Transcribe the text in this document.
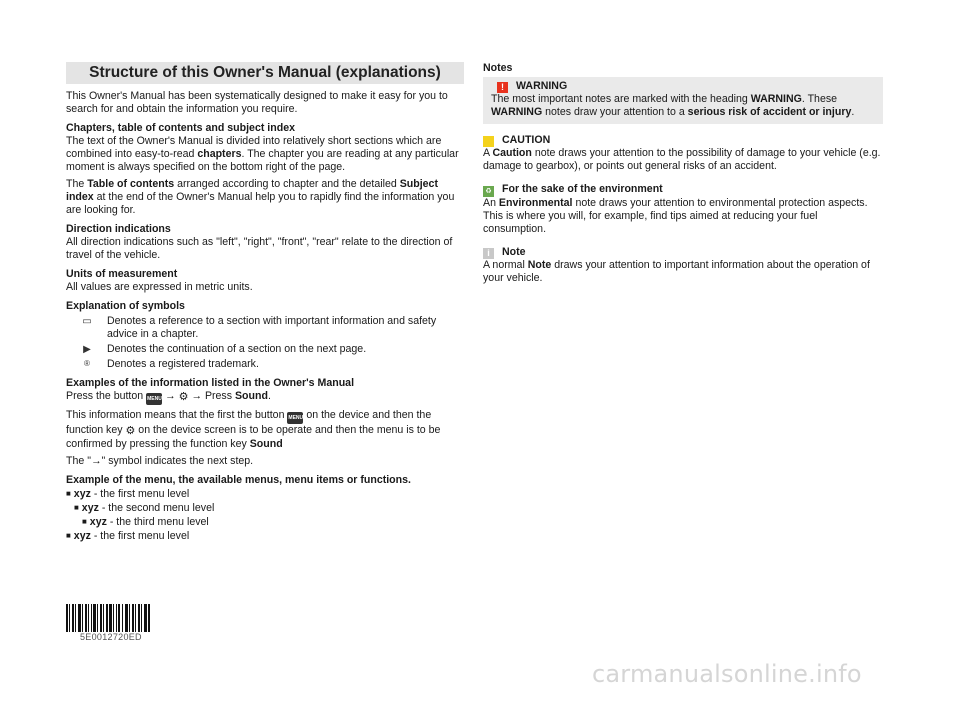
Structure of this Owner's Manual (explanations)

This Owner's Manual has been systematically designed to make it easy for you to search for and obtain the information you require.

Chapters, table of contents and subject index

The text of the Owner's Manual is divided into relatively short sections which are combined into easy-to-read chapters. The chapter you are reading at any particular moment is always specified on the bottom right of the page.

The Table of contents arranged according to chapter and the detailed Subject index at the end of the Owner's Manual help you to rapidly find the information you are looking for.

Direction indications

All direction indications such as "left", "right", "front", "rear" relate to the direction of travel of the vehicle.

Units of measurement

All values are expressed in metric units.

Explanation of symbols

▭ Denotes a reference to a section with important information and safety advice in a chapter.
▶ Denotes the continuation of a section on the next page.
®	Denotes a registered trademark.

Examples of the information listed in the Owner's Manual

Press the button MENU → ⚙ → Press Sound.

This information means that the first the button MENU on the device and then the function key ⚙ on the device screen is to be operate and then the menu is to be confirmed by pressing the function key Sound

The "→" symbol indicates the next step.

Example of the menu, the available menus, menu items or functions.

■ xyz - the first menu level
■ xyz - the second menu level
■ xyz - the third menu level
■ xyz - the first menu level
Notes
! WARNING

The most important notes are marked with the heading WARNING. These WARNING notes draw your attention to a serious risk of accident or injury.

! CAUTION

A Caution note draws your attention to the possibility of damage to your vehicle (e.g. damage to gearbox), or points out general risks of an accident.

♻ For the sake of the environment

An Environmental note draws your attention to environmental protection aspects. This is where you will, for example, find tips aimed at reducing your fuel consumption.

i Note

A normal Note draws your attention to important information about the operation of your vehicle.

5E0012720ED
carmanualsonline.info
